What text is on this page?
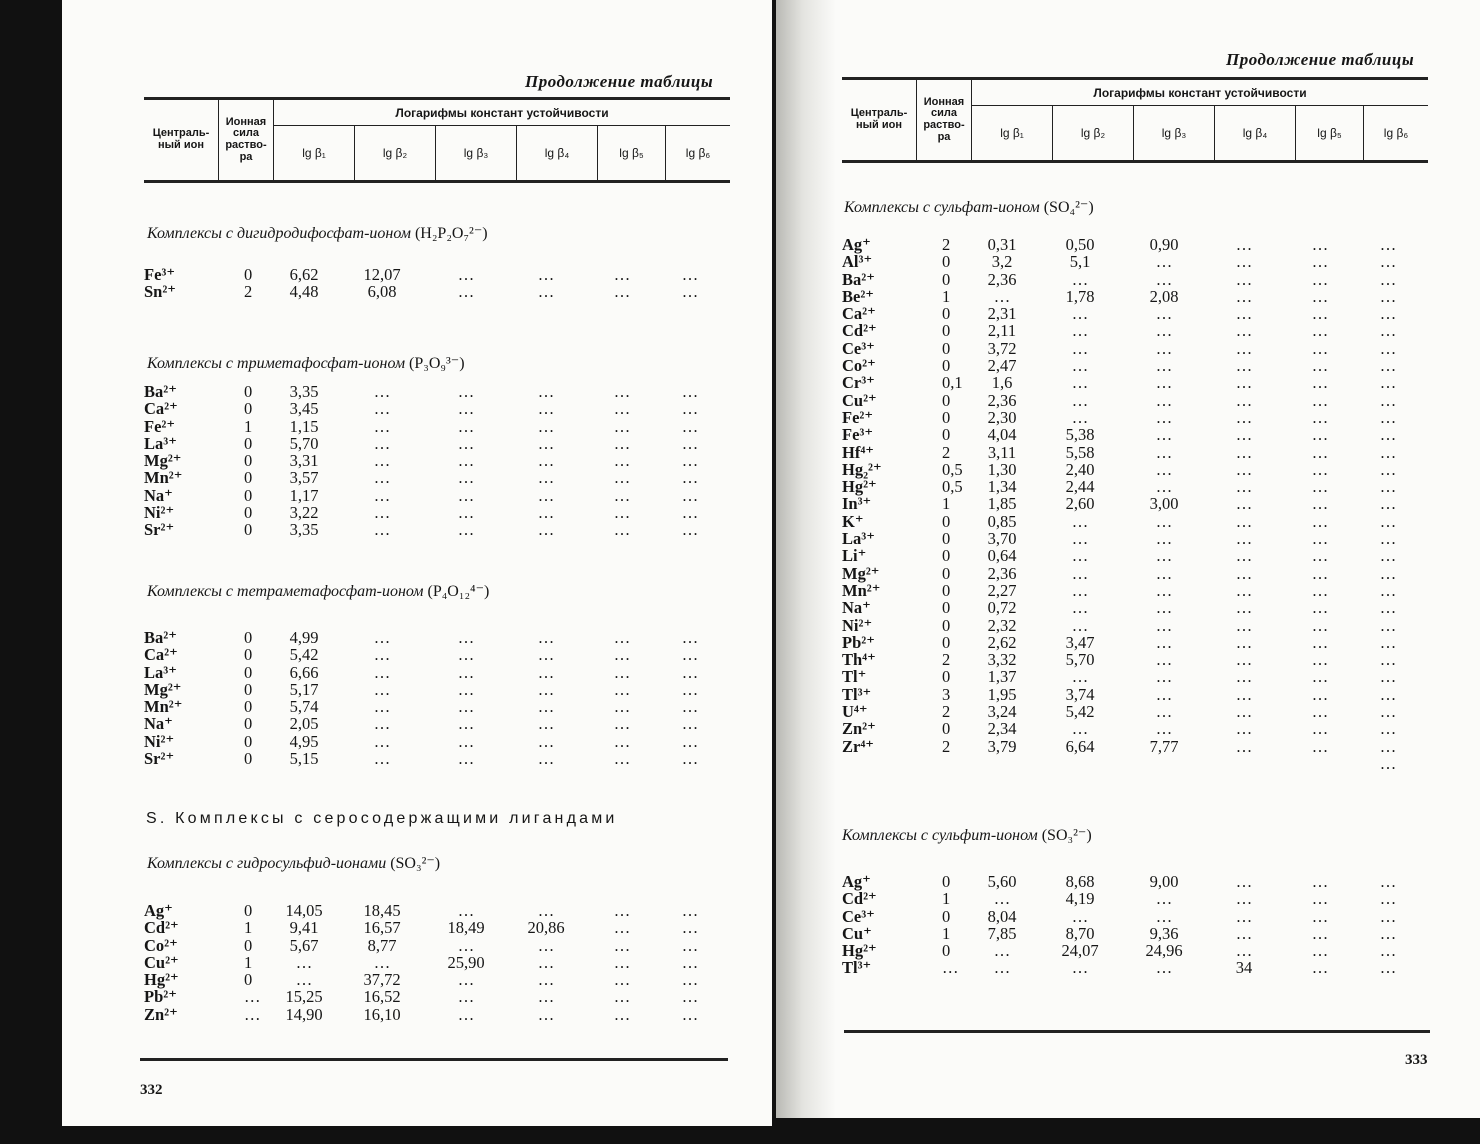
Продолжение таблицы
Централь-
ный ион
Ионная
сила
раство-
ра
Логарифмы констант устойчивости
lg β₁	lg β₂	lg β₃	lg β₄	lg β₅	lg β₆
Комплексы с дигидродифосфат-ионом (H₂P₂O₇²⁻)
Fe³⁺	0	6,62	12,07	…	…	…	…
Sn²⁺	2	4,48	6,08	…	…	…	…
Комплексы с триметафосфат-ионом (P₃O₉³⁻)
Ba²⁺	0	3,35	…	…	…	…	…
Ca²⁺	0	3,45	…	…	…	…	…
Fe²⁺	1	1,15	…	…	…	…	…
La³⁺	0	5,70	…	…	…	…	…
Mg²⁺	0	3,31	…	…	…	…	…
Mn²⁺	0	3,57	…	…	…	…	…
Na⁺	0	1,17	…	…	…	…	…
Ni²⁺	0	3,22	…	…	…	…	…
Sr²⁺	0	3,35	…	…	…	…	…
Комплексы с тетраметафосфат-ионом (P₄O₁₂⁴⁻)
Ba²⁺	0	4,99	…	…	…	…	…
Ca²⁺	0	5,42	…	…	…	…	…
La³⁺	0	6,66	…	…	…	…	…
Mg²⁺	0	5,17	…	…	…	…	…
Mn²⁺	0	5,74	…	…	…	…	…
Na⁺	0	2,05	…	…	…	…	…
Ni²⁺	0	4,95	…	…	…	…	…
Sr²⁺	0	5,15	…	…	…	…	…
S. Комплексы с серосодержащими лигандами
Комплексы с гидросульфид-ионами (SO₃²⁻)
Ag⁺	0	14,05	18,45	…	…	…	…
Cd²⁺	1	9,41	16,57	18,49	20,86	…	…
Co²⁺	0	5,67	8,77	…	…	…	…
Cu²⁺	1	…	…	25,90	…	…	…
Hg²⁺	0	…	37,72	…	…	…	…
Pb²⁺	…	15,25	16,52	…	…	…	…
Zn²⁺	…	14,90	16,10	…	…	…	…
332
Продолжение таблицы
Централь-
ный ион
Ионная
сила
раство-
ра
Логарифмы констант устойчивости
lg β₁	lg β₂	lg β₃	lg β₄	lg β₅	lg β₆
Комплексы с сульфат-ионом (SO₄²⁻)
Ag⁺	2	0,31	0,50	0,90	…	…	…
Al³⁺	0	3,2	5,1	…	…	…	…
Ba²⁺	0	2,36	…	…	…	…	…
Be²⁺	1	…	1,78	2,08	…	…	…
Ca²⁺	0	2,31	…	…	…	…	…
Cd²⁺	0	2,11	…	…	…	…	…
Ce³⁺	0	3,72	…	…	…	…	…
Co²⁺	0	2,47	…	…	…	…	…
Cr³⁺	0,1	1,6	…	…	…	…	…
Cu²⁺	0	2,36	…	…	…	…	…
Fe²⁺	0	2,30	…	…	…	…	…
Fe³⁺	0	4,04	5,38	…	…	…	…
Hf⁴⁺	2	3,11	5,58	…	…	…	…
Hg₂²⁺	0,5	1,30	2,40	…	…	…	…
Hg²⁺	0,5	1,34	2,44	…	…	…	…
In³⁺	1	1,85	2,60	3,00	…	…	…
K⁺	0	0,85	…	…	…	…	…
La³⁺	0	3,70	…	…	…	…	…
Li⁺	0	0,64	…	…	…	…	…
Mg²⁺	0	2,36	…	…	…	…	…
Mn²⁺	0	2,27	…	…	…	…	…
Na⁺	0	0,72	…	…	…	…	…
Ni²⁺	0	2,32	…	…	…	…	…
Pb²⁺	0	2,62	3,47	…	…	…	…
Th⁴⁺	2	3,32	5,70	…	…	…	…
Tl⁺	0	1,37	…	…	…	…	…
Tl³⁺	3	1,95	3,74	…	…	…	…
U⁴⁺	2	3,24	5,42	…	…	…	…
Zn²⁺	0	2,34	…	…	…	…	…
Zr⁴⁺	2	3,79	6,64	7,77	…	…	…
…
Комплексы с сульфит-ионом (SO₃²⁻)
Ag⁺	0	5,60	8,68	9,00	…	…	…
Cd²⁺	1	…	4,19	…	…	…	…
Ce³⁺	0	8,04	…	…	…	…	…
Cu⁺	1	7,85	8,70	9,36	…	…	…
Hg²⁺	0	…	24,07	24,96	…	…	…
Tl³⁺	…	…	…	…	34	…	…
333
